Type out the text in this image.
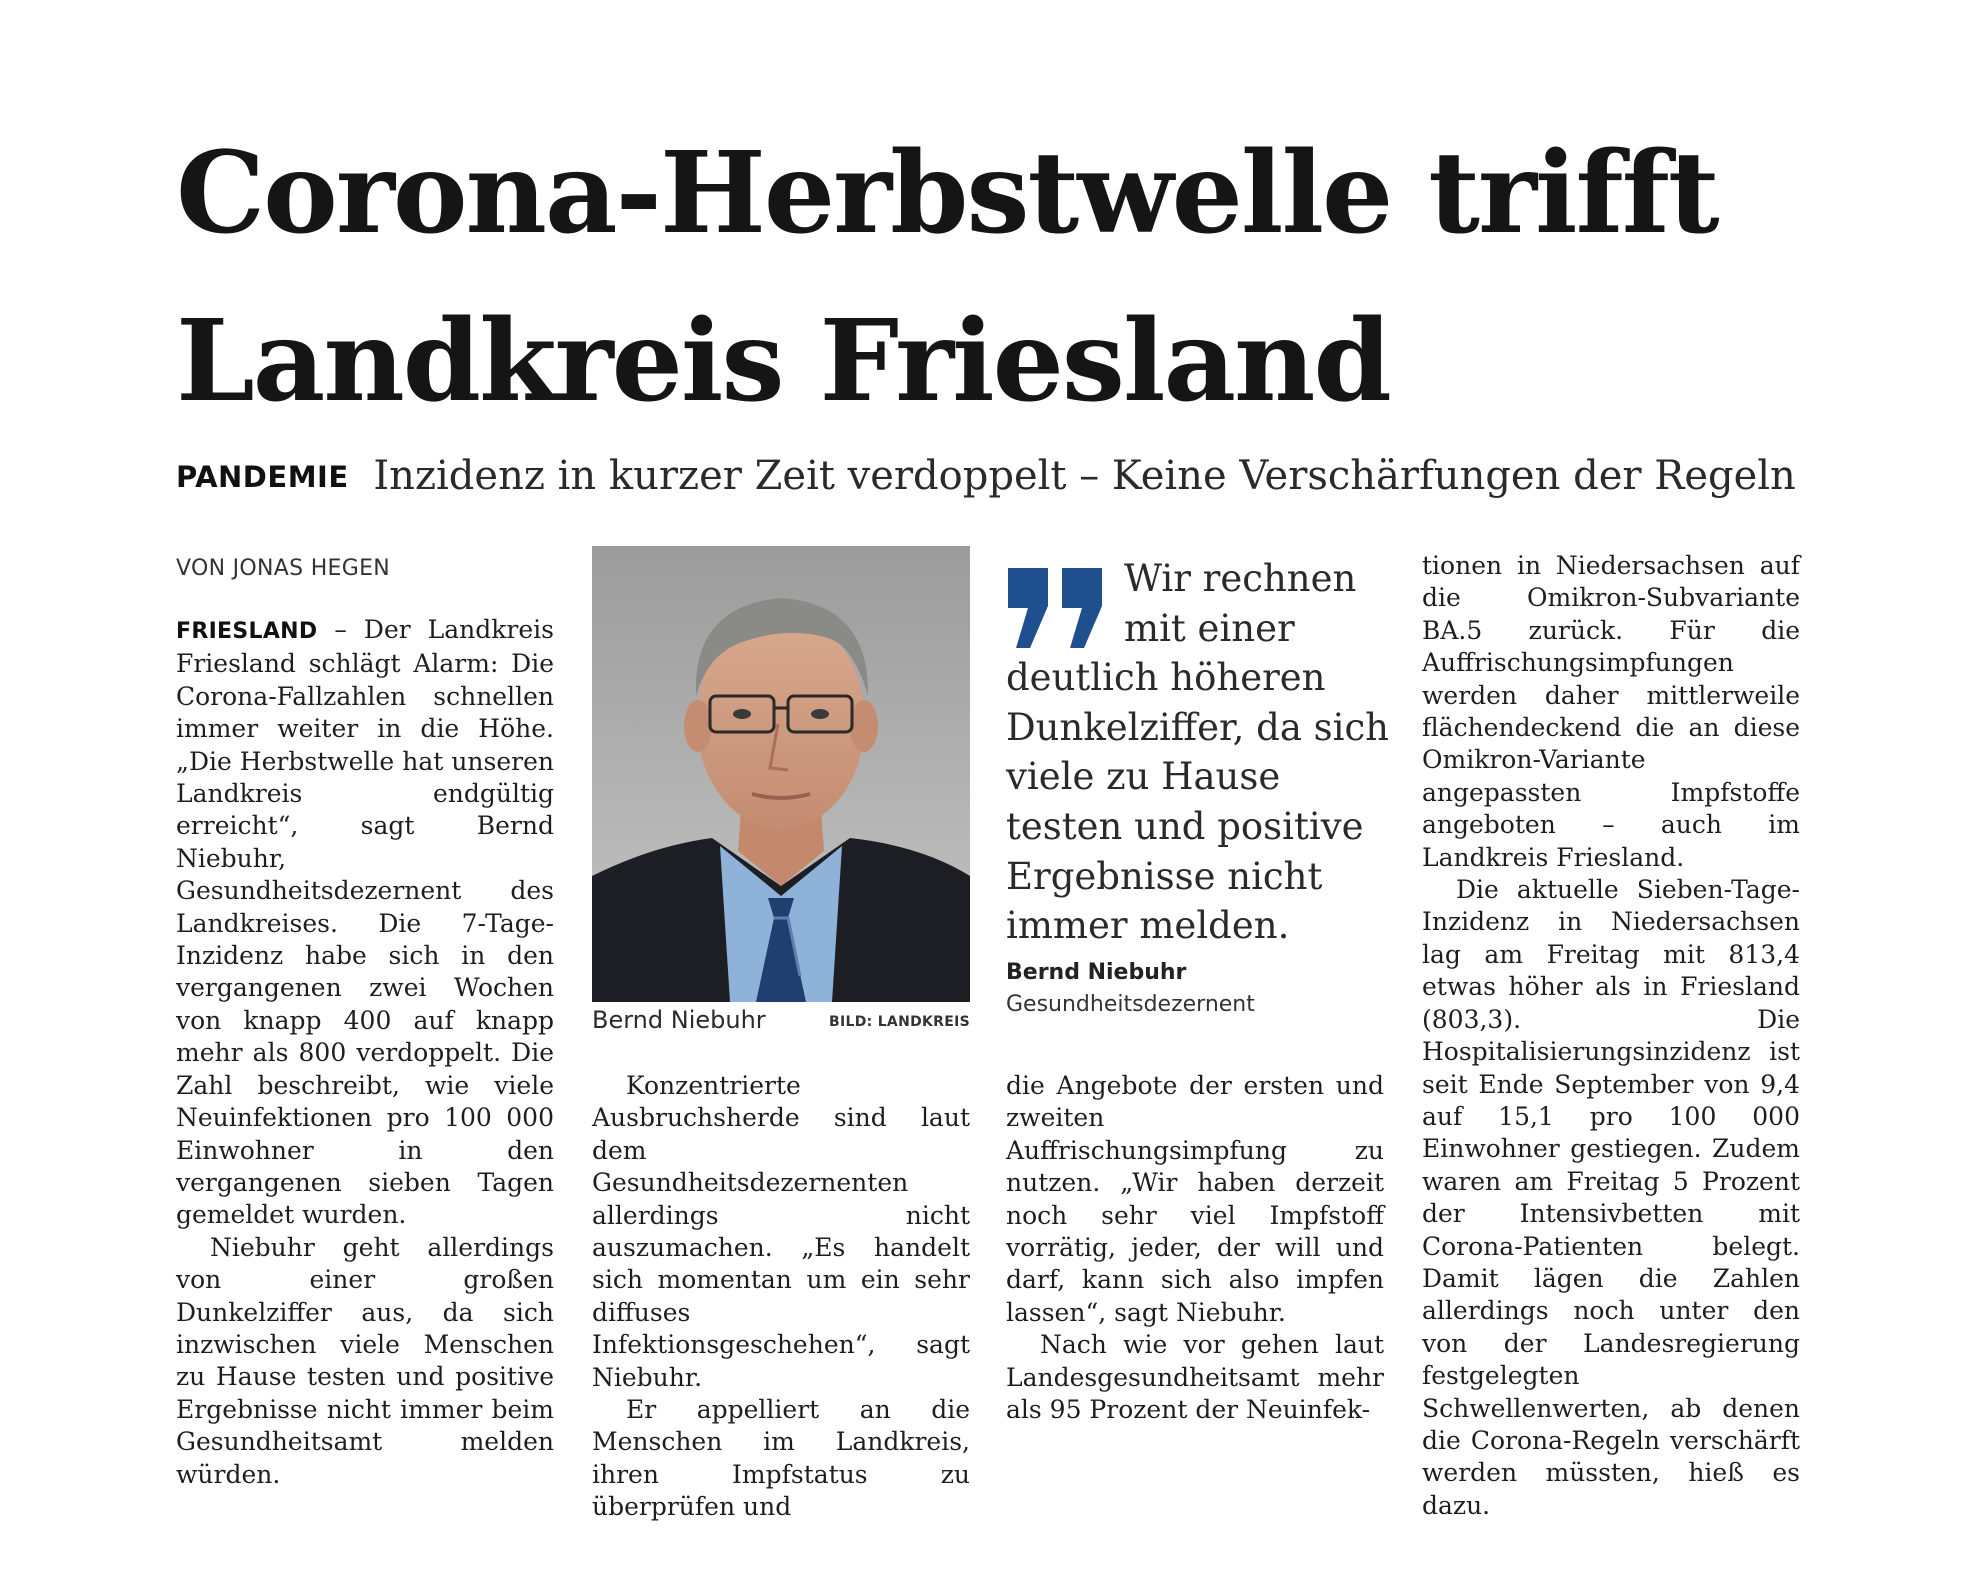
Corona-Herbstwelle trifft
Landkreis Friesland
PANDEMIE Inzidenz in kurzer Zeit verdoppelt – Keine Verschärfungen der Regeln
VON JONAS HEGEN

FRIESLAND – Der Landkreis Friesland schlägt Alarm: Die Corona-Fallzahlen schnellen immer weiter in die Höhe. „Die Herbstwelle hat unseren Landkreis endgültig erreicht“, sagt Bernd Niebuhr, Gesundheitsdezernent des Landkreises. Die 7-Tage-Inzidenz habe sich in den vergangenen zwei Wochen von knapp 400 auf knapp mehr als 800 verdoppelt. Die Zahl beschreibt, wie viele Neuinfektionen pro 100 000 Einwohner in den vergangenen sieben Tagen gemeldet wurden.

Niebuhr geht allerdings von einer großen Dunkelziffer aus, da sich inzwischen viele Menschen zu Hause testen und positive Ergebnisse nicht immer beim Gesundheitsamt melden würden.

Bernd Niebuhr	BILD: LANDKREIS

Konzentrierte Ausbruchsherde sind laut dem Gesundheitsdezernenten allerdings nicht auszumachen. „Es handelt sich momentan um ein sehr diffuses Infektionsgeschehen“, sagt Niebuhr.

Er appelliert an die Menschen im Landkreis, ihren Impfstatus zu überprüfen und

Wir rechnen
mit einer
deutlich höheren Dunkelziffer, da sich viele zu Hause testen und positive Ergebnisse nicht immer melden.
Bernd Niebuhr
Gesundheitsdezernent

die Angebote der ersten und zweiten Auffrischungsimpfung zu nutzen. „Wir haben derzeit noch sehr viel Impfstoff vorrätig, jeder, der will und darf, kann sich also impfen lassen“, sagt Niebuhr.

Nach wie vor gehen laut Landesgesundheitsamt mehr als 95 Prozent der Neuinfek-

tionen in Niedersachsen auf die Omikron-Subvariante BA.5 zurück. Für die Auffrischungsimpfungen werden daher mittlerweile flächendeckend die an diese Omikron-Variante angepassten Impfstoffe angeboten – auch im Landkreis Friesland.

Die aktuelle Sieben-Tage-Inzidenz in Niedersachsen lag am Freitag mit 813,4 etwas höher als in Friesland (803,3). Die Hospitalisierungsinzidenz ist seit Ende September von 9,4 auf 15,1 pro 100 000 Einwohner gestiegen. Zudem waren am Freitag 5 Prozent der Intensivbetten mit Corona-Patienten belegt. Damit lägen die Zahlen allerdings noch unter den von der Landesregierung festgelegten Schwellenwerten, ab denen die Corona-Regeln verschärft werden müssten, hieß es dazu.
